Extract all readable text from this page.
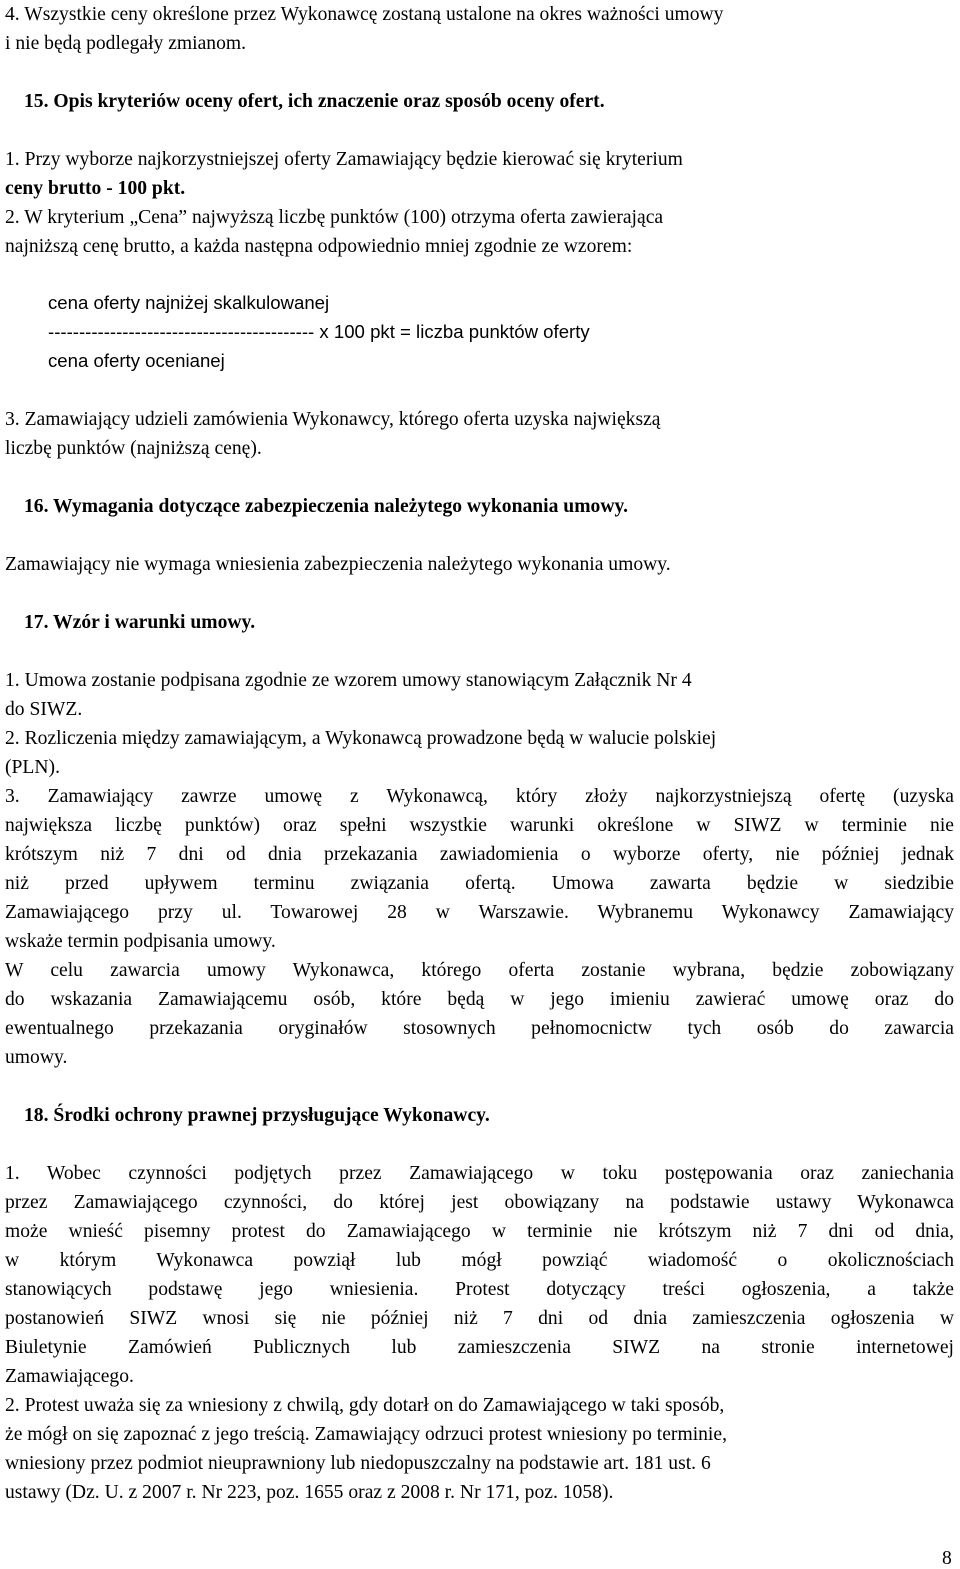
4. Wszystkie ceny określone przez Wykonawcę zostaną ustalone na okres ważności umowy
i nie będą podlegały zmianom.
15. Opis kryteriów oceny ofert, ich znaczenie oraz sposób oceny ofert.
1. Przy wyborze najkorzystniejszej oferty Zamawiający będzie kierować się kryterium
ceny brutto - 100 pkt.
2. W kryterium „Cena” najwyższą liczbę punktów (100) otrzyma oferta zawierająca
najniższą cenę brutto, a każda następna odpowiednio mniej zgodnie ze wzorem:
cena oferty najniżej skalkulowanej
------------------------------------------- x 100 pkt = liczba punktów oferty
cena oferty ocenianej
3. Zamawiający udzieli zamówienia Wykonawcy, którego oferta uzyska największą
liczbę punktów (najniższą cenę).
16. Wymagania dotyczące zabezpieczenia należytego wykonania umowy.
Zamawiający nie wymaga wniesienia zabezpieczenia należytego wykonania umowy.
17. Wzór i warunki umowy.
1. Umowa zostanie podpisana zgodnie ze wzorem umowy stanowiącym Załącznik Nr 4
do SIWZ.
2. Rozliczenia między zamawiającym, a Wykonawcą prowadzone będą w walucie polskiej
(PLN).
3. Zamawiający zawrze umowę z Wykonawcą, który złoży najkorzystniejszą ofertę (uzyska
największa liczbę punktów) oraz spełni wszystkie warunki określone w SIWZ w terminie nie
krótszym niż 7 dni od dnia przekazania zawiadomienia o wyborze oferty, nie później jednak
niż przed upływem terminu związania ofertą. Umowa zawarta będzie w siedzibie
Zamawiającego przy ul. Towarowej 28 w Warszawie. Wybranemu Wykonawcy Zamawiający
wskaże termin podpisania umowy.
W celu zawarcia umowy Wykonawca, którego oferta zostanie wybrana, będzie zobowiązany
do wskazania Zamawiającemu osób, które będą w jego imieniu zawierać umowę oraz do
ewentualnego przekazania oryginałów stosownych pełnomocnictw tych osób do zawarcia
umowy.
18. Środki ochrony prawnej przysługujące Wykonawcy.
1. Wobec czynności podjętych przez Zamawiającego w toku postępowania oraz zaniechania
przez Zamawiającego czynności, do której jest obowiązany na podstawie ustawy Wykonawca
może wnieść pisemny protest do Zamawiającego w terminie nie krótszym niż 7 dni od dnia,
w którym Wykonawca powziął lub mógł powziąć wiadomość o okolicznościach
stanowiących podstawę jego wniesienia. Protest dotyczący treści ogłoszenia, a także
postanowień SIWZ wnosi się nie później niż 7 dni od dnia zamieszczenia ogłoszenia w
Biuletynie Zamówień Publicznych lub zamieszczenia SIWZ na stronie internetowej
Zamawiającego.
2. Protest uważa się za wniesiony z chwilą, gdy dotarł on do Zamawiającego w taki sposób,
że mógł on się zapoznać z jego treścią. Zamawiający odrzuci protest wniesiony po terminie,
wniesiony przez podmiot nieuprawniony lub niedopuszczalny na podstawie art. 181 ust. 6
ustawy (Dz. U. z 2007 r. Nr 223, poz. 1655 oraz z 2008 r. Nr 171, poz. 1058).
8
